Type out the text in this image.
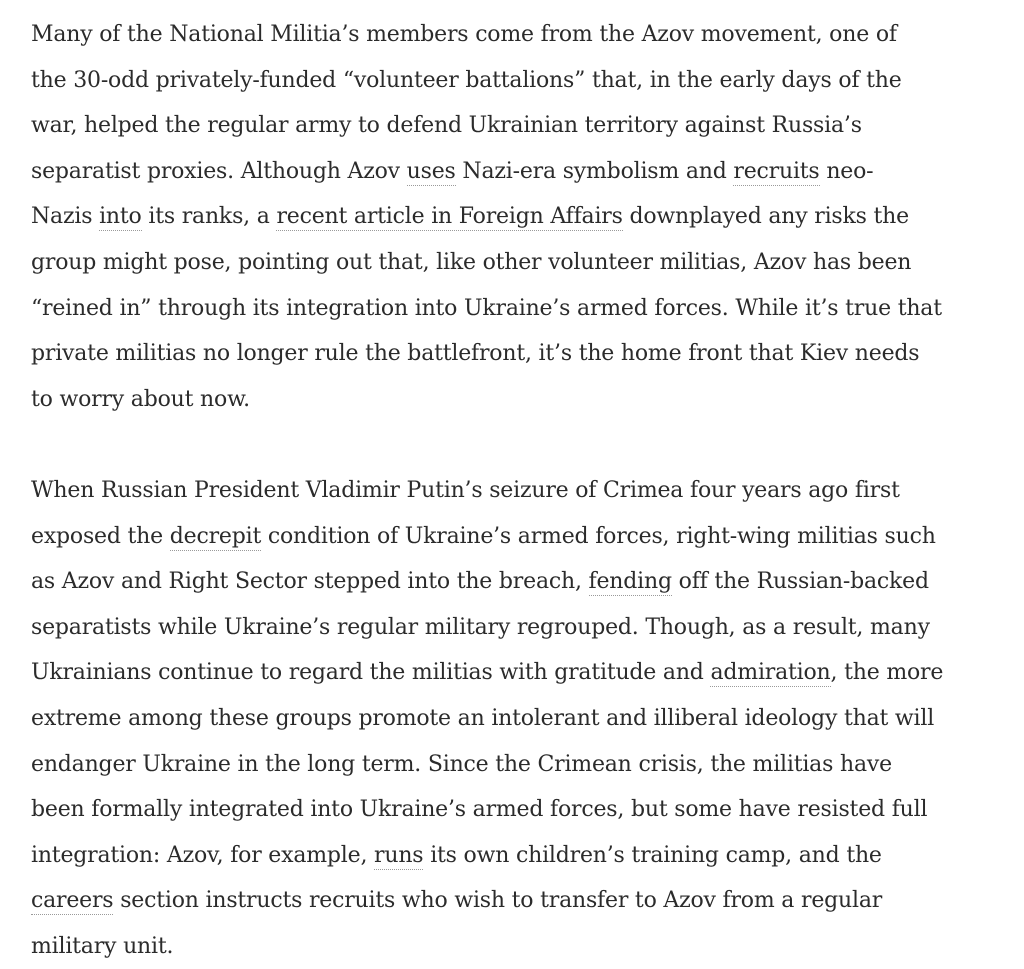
Many of the National Militia’s members come from the Azov movement, one of
the 30-odd privately-funded “volunteer battalions” that, in the early days of the
war, helped the regular army to defend Ukrainian territory against Russia’s
separatist proxies. Although Azov uses Nazi-era symbolism and recruits neo-
Nazis into its ranks, a recent article in Foreign Affairs downplayed any risks the
group might pose, pointing out that, like other volunteer militias, Azov has been
“reined in” through its integration into Ukraine’s armed forces. While it’s true that
private militias no longer rule the battlefront, it’s the home front that Kiev needs
to worry about now.
When Russian President Vladimir Putin’s seizure of Crimea four years ago first
exposed the decrepit condition of Ukraine’s armed forces, right-wing militias such
as Azov and Right Sector stepped into the breach, fending off the Russian-backed
separatists while Ukraine’s regular military regrouped. Though, as a result, many
Ukrainians continue to regard the militias with gratitude and admiration, the more
extreme among these groups promote an intolerant and illiberal ideology that will
endanger Ukraine in the long term. Since the Crimean crisis, the militias have
been formally integrated into Ukraine’s armed forces, but some have resisted full
integration: Azov, for example, runs its own children’s training camp, and the
careers section instructs recruits who wish to transfer to Azov from a regular
military unit.
